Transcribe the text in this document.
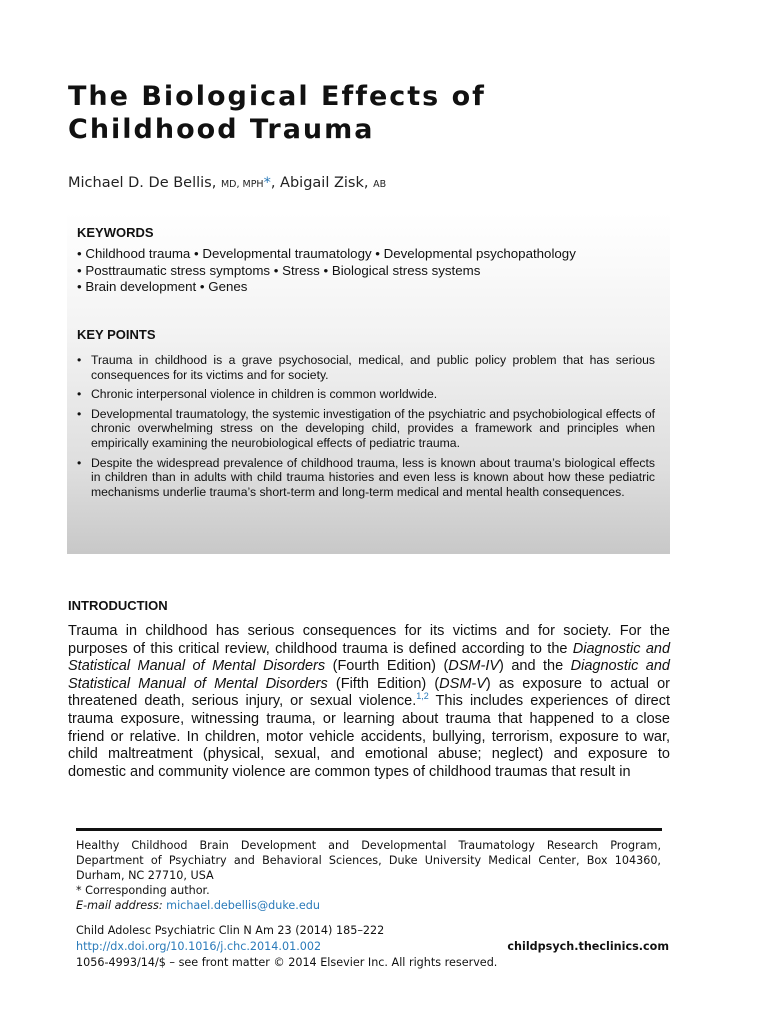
The Biological Effects of
Childhood Trauma
Michael D. De Bellis, MD, MPH*, Abigail Zisk, AB
KEYWORDS
• Childhood trauma • Developmental traumatology • Developmental psychopathology
• Posttraumatic stress symptoms • Stress • Biological stress systems
• Brain development • Genes
KEY POINTS
• Trauma in childhood is a grave psychosocial, medical, and public policy problem that has serious consequences for its victims and for society.
• Chronic interpersonal violence in children is common worldwide.
• Developmental traumatology, the systemic investigation of the psychiatric and psychobiological effects of chronic overwhelming stress on the developing child, provides a framework and principles when empirically examining the neurobiological effects of pediatric trauma.
• Despite the widespread prevalence of childhood trauma, less is known about trauma’s biological effects in children than in adults with child trauma histories and even less is known about how these pediatric mechanisms underlie trauma’s short-term and long-term medical and mental health consequences.
INTRODUCTION
Trauma in childhood has serious consequences for its victims and for society. For the purposes of this critical review, childhood trauma is defined according to the Diagnostic and Statistical Manual of Mental Disorders (Fourth Edition) (DSM-IV) and the Diagnostic and Statistical Manual of Mental Disorders (Fifth Edition) (DSM-V) as exposure to actual or threatened death, serious injury, or sexual violence.$^{1,2}$ This includes experiences of direct trauma exposure, witnessing trauma, or learning about trauma that happened to a close friend or relative. In children, motor vehicle accidents, bullying, terrorism, exposure to war, child maltreatment (physical, sexual, and emotional abuse; neglect) and exposure to domestic and community violence are common types of childhood traumas that result in
Healthy Childhood Brain Development and Developmental Traumatology Research Program, Department of Psychiatry and Behavioral Sciences, Duke University Medical Center, Box 104360, Durham, NC 27710, USA
* Corresponding author.
E-mail address: michael.debellis@duke.edu
Child Adolesc Psychiatric Clin N Am 23 (2014) 185–222
http://dx.doi.org/10.1016/j.chc.2014.01.002	childpsych.theclinics.com
1056-4993/14/$ – see front matter © 2014 Elsevier Inc. All rights reserved.
